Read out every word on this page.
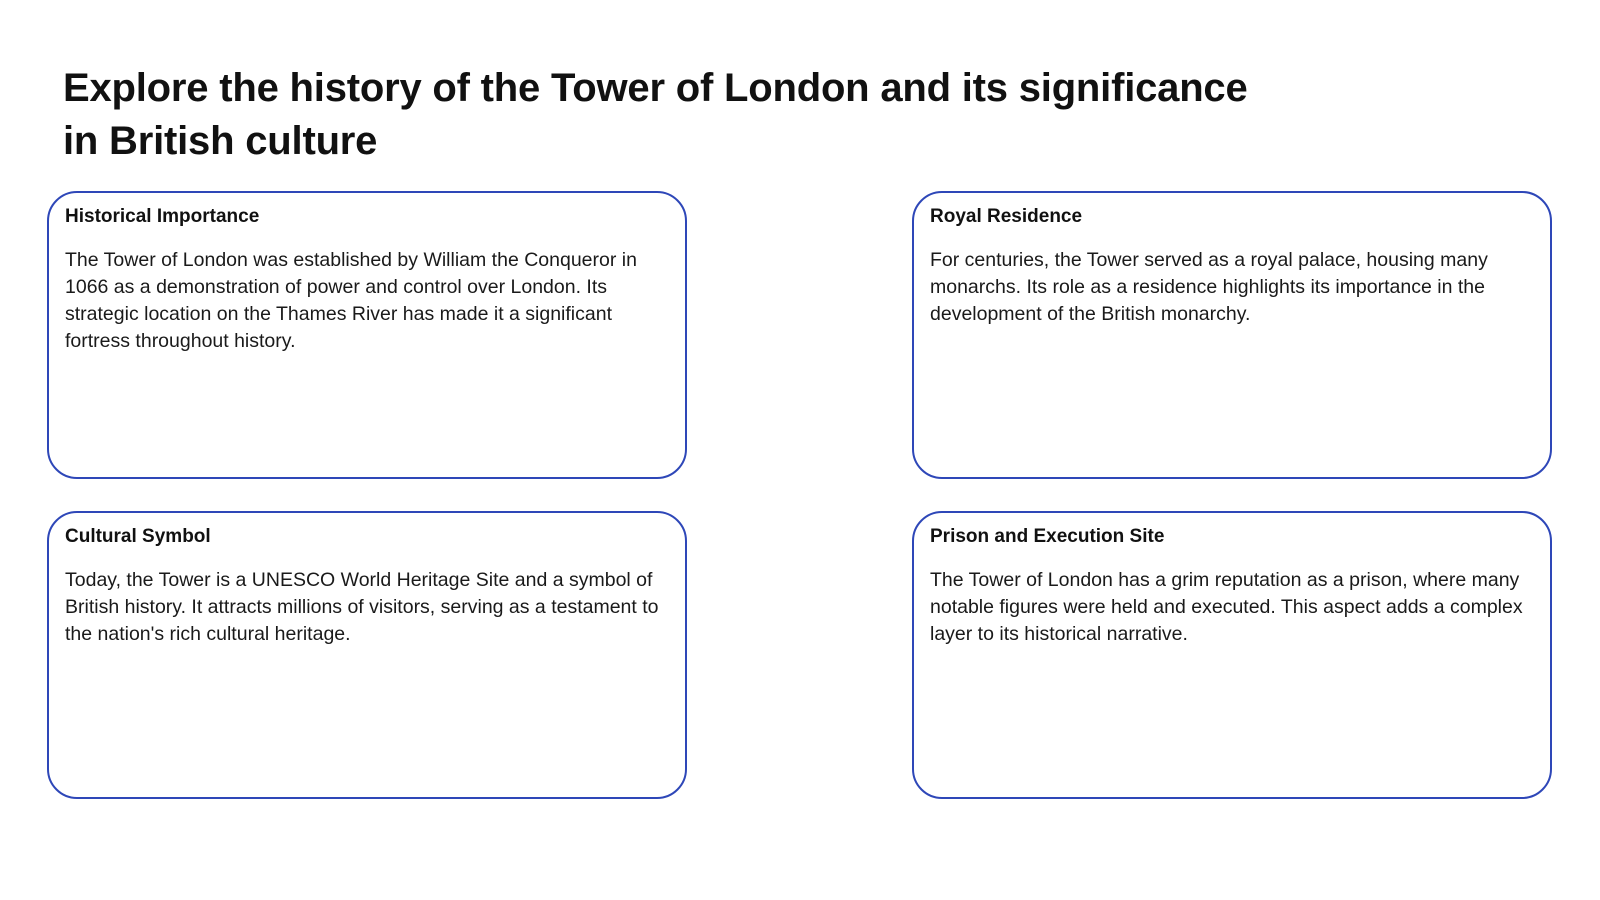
Explore the history of the Tower of London and its significance in British culture
Historical Importance

The Tower of London was established by William the Conqueror in 1066 as a demonstration of power and control over London. Its strategic location on the Thames River has made it a significant fortress throughout history.

Royal Residence

For centuries, the Tower served as a royal palace, housing many monarchs. Its role as a residence highlights its importance in the development of the British monarchy.

Cultural Symbol

Today, the Tower is a UNESCO World Heritage Site and a symbol of British history. It attracts millions of visitors, serving as a testament to the nation's rich cultural heritage.

Prison and Execution Site

The Tower of London has a grim reputation as a prison, where many notable figures were held and executed. This aspect adds a complex layer to its historical narrative.
